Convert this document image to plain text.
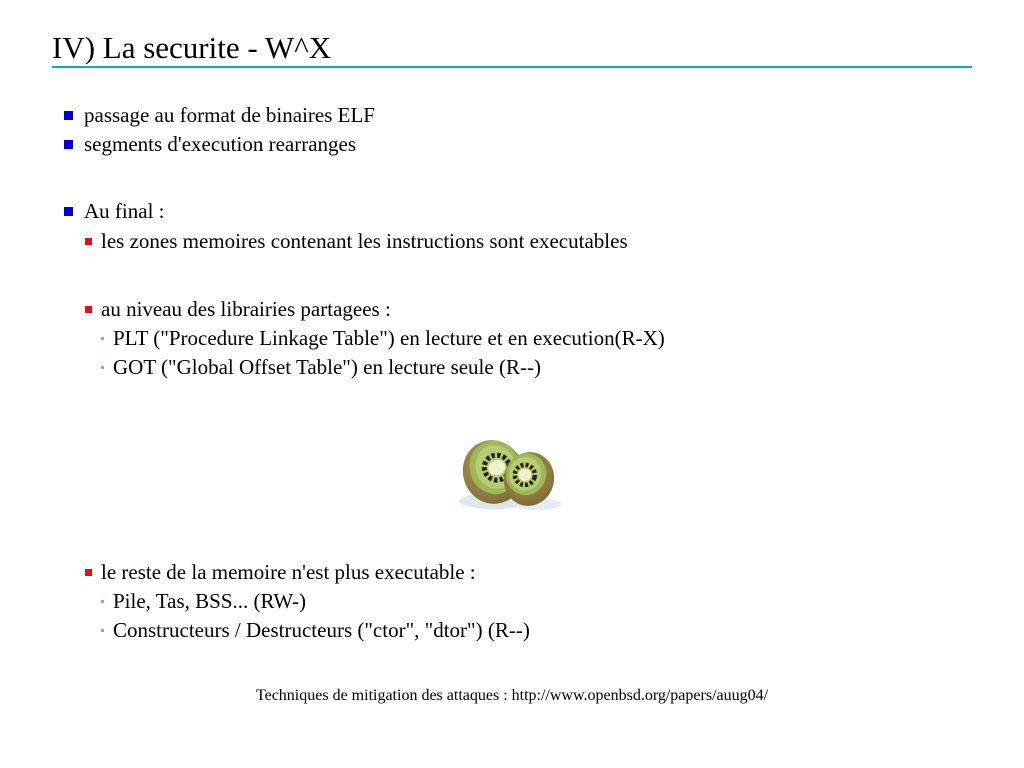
IV) La securite - W^X
passage au format de binaires ELF
segments d'execution rearranges
Au final :
les zones memoires contenant les instructions sont executables
au niveau des librairies partagees :
PLT ("Procedure Linkage Table") en lecture et en execution(R-X)
GOT ("Global Offset Table") en lecture seule (R--)
le reste de la memoire n'est plus executable :
Pile, Tas, BSS... (RW-)
Constructeurs / Destructeurs ("ctor", "dtor") (R--)
Techniques de mitigation des attaques : http://www.openbsd.org/papers/auug04/
